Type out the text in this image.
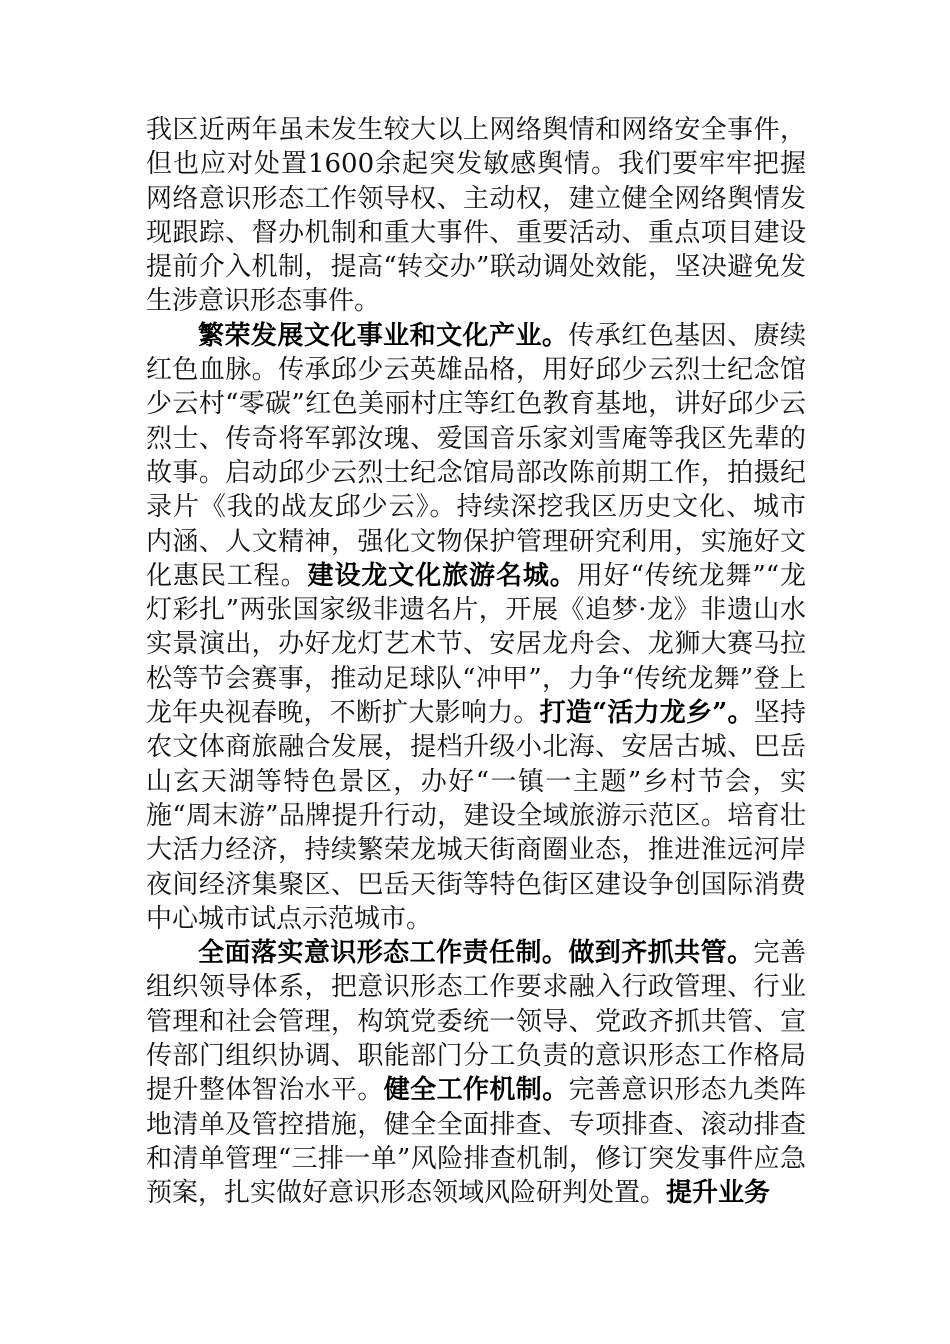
我区近两年虽未发生较大以上网络舆情和网络安全事件，但也应对处置1600余起突发敏感舆情。我们要牢牢把握网络意识形态工作领导权、主动权，建立健全网络舆情发现跟踪、督办机制和重大事件、重要活动、重点项目建设提前介入机制，提高“转交办”联动调处效能，坚决避免发生涉意识形态事件。

繁荣发展文化事业和文化产业。传承红色基因、赓续红色血脉。传承邱少云英雄品格，用好邱少云烈士纪念馆少云村“零碳”红色美丽村庄等红色教育基地，讲好邱少云烈士、传奇将军郭汝瑰、爱国音乐家刘雪庵等我区先辈的故事。启动邱少云烈士纪念馆局部改陈前期工作，拍摄纪录片《我的战友邱少云》。持续深挖我区历史文化、城市内涵、人文精神，强化文物保护管理研究利用，实施好文化惠民工程。建设龙文化旅游名城。用好“传统龙舞”“龙灯彩扎”两张国家级非遗名片，开展《追梦·龙》非遗山水实景演出，办好龙灯艺术节、安居龙舟会、龙狮大赛马拉松等节会赛事，推动足球队“冲甲”，力争“传统龙舞”登上龙年央视春晚，不断扩大影响力。打造“活力龙乡”。坚持农文体商旅融合发展，提档升级小北海、安居古城、巴岳山玄天湖等特色景区，办好“一镇一主题”乡村节会，实施“周末游”品牌提升行动，建设全域旅游示范区。培育壮大活力经济，持续繁荣龙城天街商圈业态，推进淮远河岸夜间经济集聚区、巴岳天街等特色街区建设争创国际消费中心城市试点示范城市。

全面落实意识形态工作责任制。做到齐抓共管。完善组织领导体系，把意识形态工作要求融入行政管理、行业管理和社会管理，构筑党委统一领导、党政齐抓共管、宣传部门组织协调、职能部门分工负责的意识形态工作格局提升整体智治水平。健全工作机制。完善意识形态九类阵地清单及管控措施，健全全面排查、专项排查、滚动排查和清单管理“三排一单”风险排查机制，修订突发事件应急预案，扎实做好意识形态领域风险研判处置。提升业务
